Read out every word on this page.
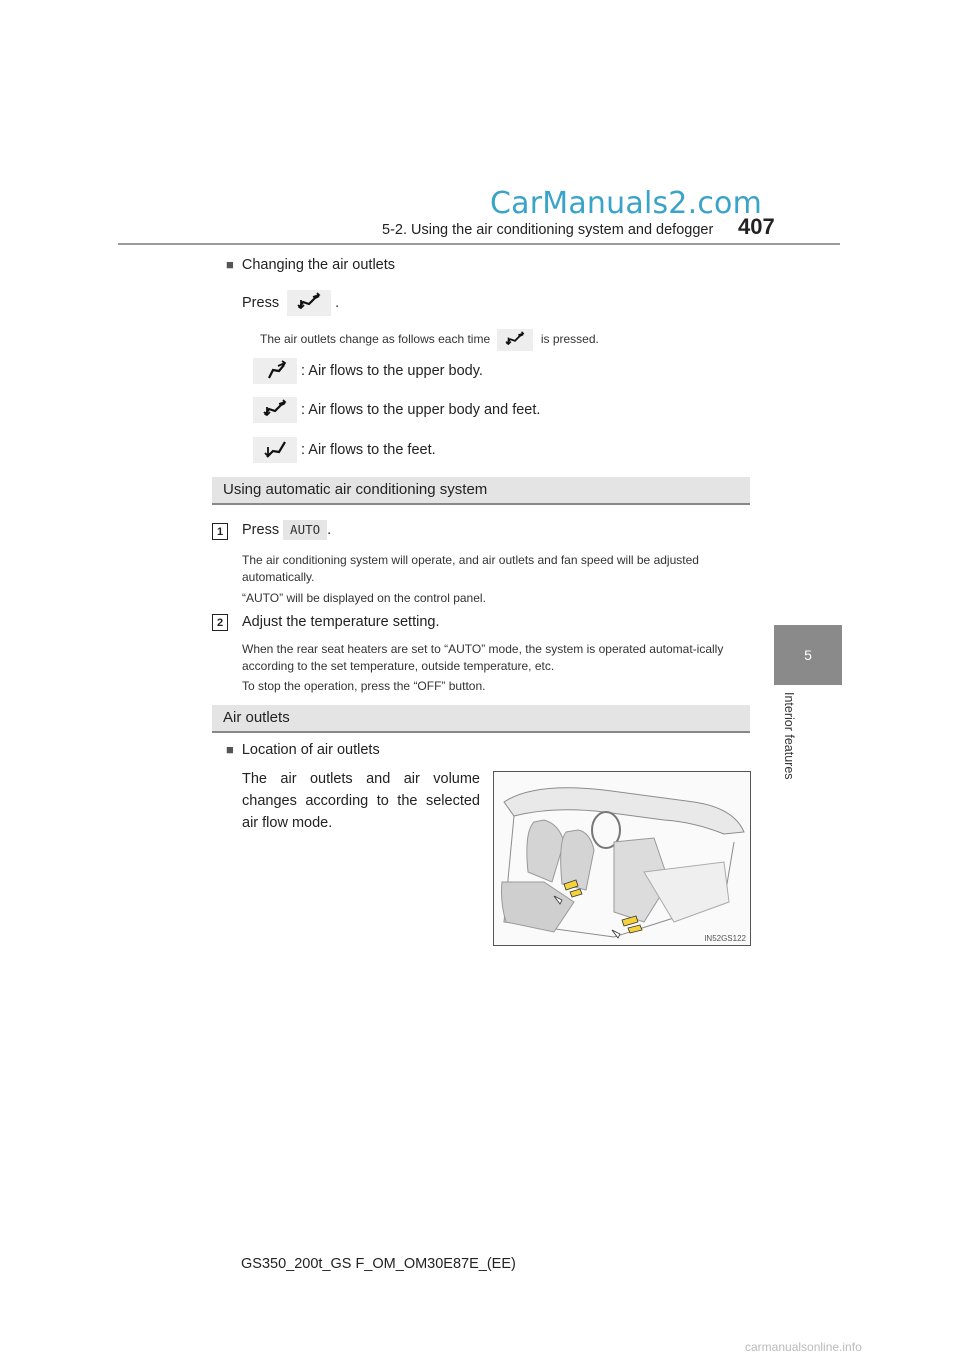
CarManuals2.com
5-2. Using the air conditioning system and defogger 407
5
Interior features
■ Changing the air outlets
Press	.
The air outlets change as follows each time	is pressed.
: Air flows to the upper body.
: Air flows to the upper body and feet.
: Air flows to the feet.
Using automatic air conditioning system
1	Press AUTO .
The air conditioning system will operate, and air outlets and fan speed will be adjusted automatically.
“AUTO” will be displayed on the control panel.
2	Adjust the temperature setting.
When the rear seat heaters are set to “AUTO” mode, the system is operated automat-ically according to the set temperature, outside temperature, etc.
To stop the operation, press the “OFF” button.
Air outlets
■ Location of air outlets
The air outlets and air volume changes according to the selected air flow mode.
IN52GS122
GS350_200t_GS F_OM_OM30E87E_(EE)
carmanualsonline.info
